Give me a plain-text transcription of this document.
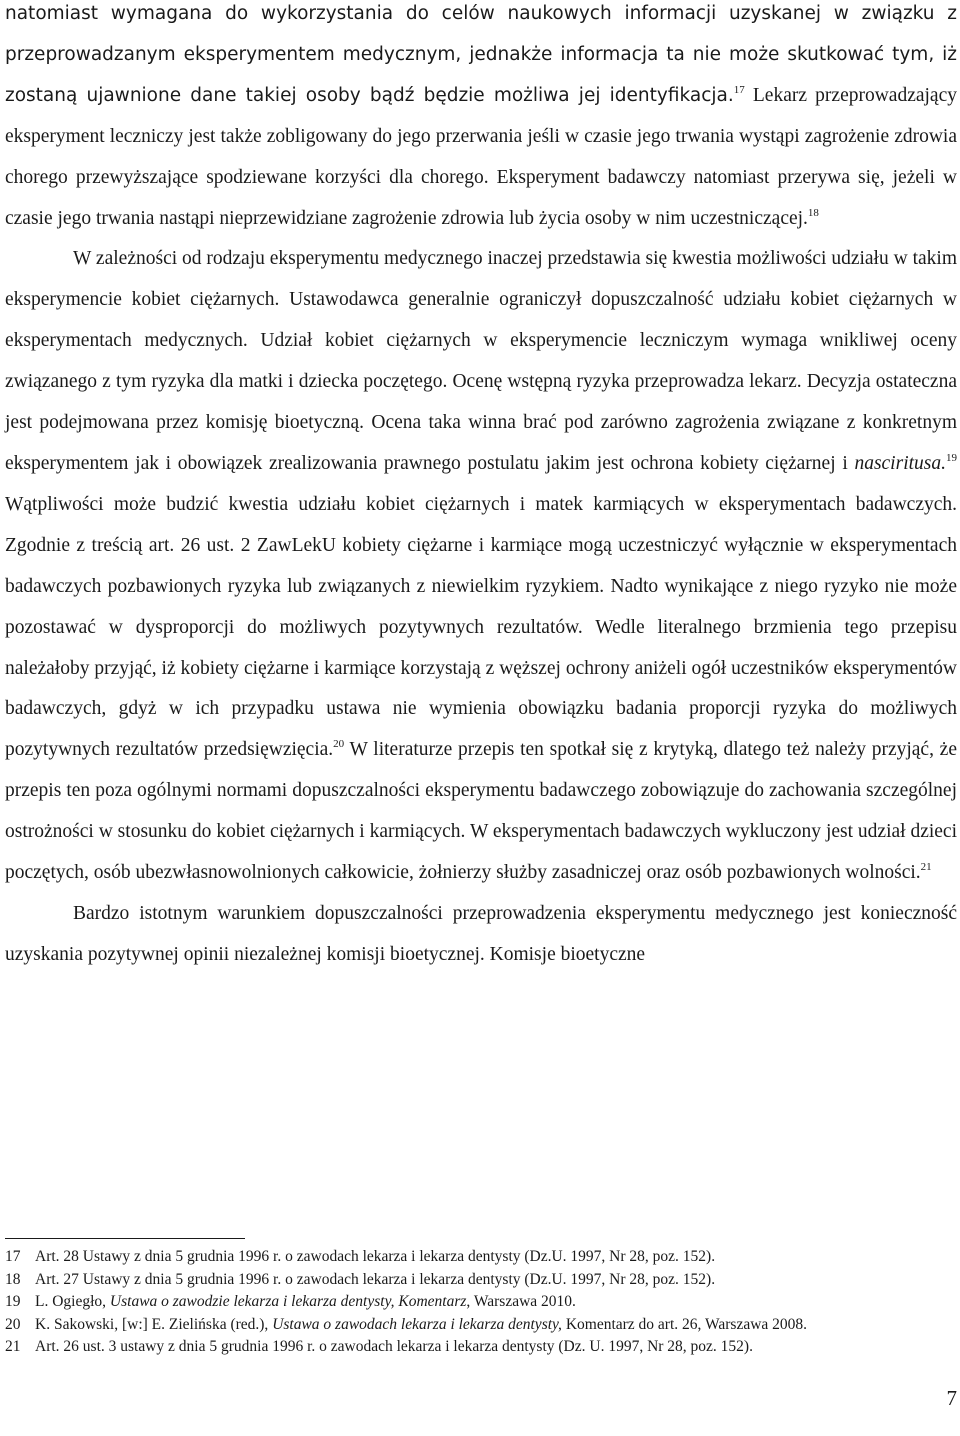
natomiast wymagana do wykorzystania do celów naukowych informacji uzyskanej w związku z przeprowadzanym eksperymentem medycznym, jednakże informacja ta nie może skutkować tym, iż zostaną ujawnione dane takiej osoby bądź będzie możliwa jej identyfikacja.$^{17}$ Lekarz przeprowadzający eksperyment leczniczy jest także zobligowany do jego przerwania jeśli w czasie jego trwania wystąpi zagrożenie zdrowia chorego przewyższające spodziewane korzyści dla chorego. Eksperyment badawczy natomiast przerywa się, jeżeli w czasie jego trwania nastąpi nieprzewidziane zagrożenie zdrowia lub życia osoby w nim uczestniczącej.$^{18}$

W zależności od rodzaju eksperymentu medycznego inaczej przedstawia się kwestia możliwości udziału w takim eksperymencie kobiet ciężarnych. Ustawodawca generalnie ograniczył dopuszczalność udziału kobiet ciężarnych w eksperymentach medycznych. Udział kobiet ciężarnych w eksperymencie leczniczym wymaga wnikliwej oceny związanego z tym ryzyka dla matki i dziecka poczętego. Ocenę wstępną ryzyka przeprowadza lekarz. Decyzja ostateczna jest podejmowana przez komisję bioetyczną. Ocena taka winna brać pod zarówno zagrożenia związane z konkretnym eksperymentem jak i obowiązek zrealizowania prawnego postulatu jakim jest ochrona kobiety ciężarnej i nasciritusa.$^{19}$ Wątpliwości może budzić kwestia udziału kobiet ciężarnych i matek karmiących w eksperymentach badawczych. Zgodnie z treścią art. 26 ust. 2 ZawLekU kobiety ciężarne i karmiące mogą uczestniczyć wyłącznie w eksperymentach badawczych pozbawionych ryzyka lub związanych z niewielkim ryzykiem. Nadto wynikające z niego ryzyko nie może pozostawać w dysproporcji do możliwych pozytywnych rezultatów. Wedle literalnego brzmienia tego przepisu należałoby przyjąć, iż kobiety ciężarne i karmiące korzystają z węższej ochrony aniżeli ogół uczestników eksperymentów badawczych, gdyż w ich przypadku ustawa nie wymienia obowiązku badania proporcji ryzyka do możliwych pozytywnych rezultatów przedsięwzięcia.$^{20}$ W literaturze przepis ten spotkał się z krytyką, dlatego też należy przyjąć, że przepis ten poza ogólnymi normami dopuszczalności eksperymentu badawczego zobowiązuje do zachowania szczególnej ostrożności w stosunku do kobiet ciężarnych i karmiących. W eksperymentach badawczych wykluczony jest udział dzieci poczętych, osób ubezwłasnowolnionych całkowicie, żołnierzy służby zasadniczej oraz osób pozbawionych wolności.$^{21}$

Bardzo istotnym warunkiem dopuszczalności przeprowadzenia eksperymentu medycznego jest konieczność uzyskania pozytywnej opinii niezależnej komisji bioetycznej. Komisje bioetyczne

17 Art. 28 Ustawy z dnia 5 grudnia 1996 r. o zawodach lekarza i lekarza dentysty (Dz.U. 1997, Nr 28, poz. 152).
18 Art. 27 Ustawy z dnia 5 grudnia 1996 r. o zawodach lekarza i lekarza dentysty (Dz.U. 1997, Nr 28, poz. 152).
19 L. Ogiegło, Ustawa o zawodzie lekarza i lekarza dentysty, Komentarz, Warszawa 2010.
20 K. Sakowski, [w:] E. Zielińska (red.), Ustawa o zawodach lekarza i lekarza dentysty, Komentarz do art. 26, Warszawa 2008.
21 Art. 26 ust. 3 ustawy z dnia 5 grudnia 1996 r. o zawodach lekarza i lekarza dentysty (Dz. U. 1997, Nr 28, poz. 152).
7
